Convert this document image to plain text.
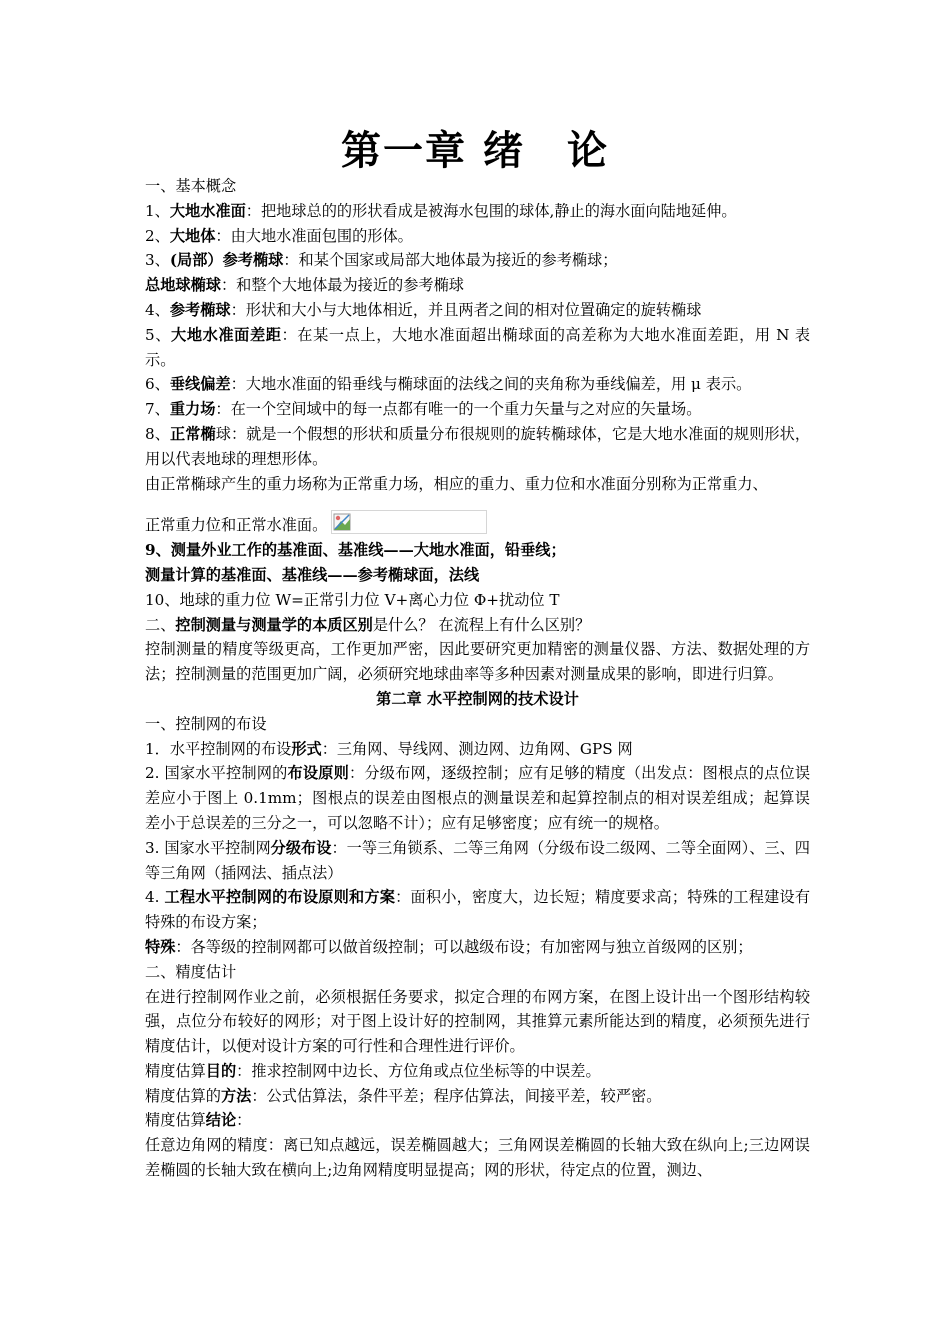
第一章 绪　论

一、基本概念

1、大地水准面：把地球总的的形状看成是被海水包围的球体,静止的海水面向陆地延伸。

2、大地体：由大地水准面包围的形体。

3、(局部）参考椭球：和某个国家或局部大地体最为接近的参考椭球；

总地球椭球：和整个大地体最为接近的参考椭球

4、参考椭球：形状和大小与大地体相近，并且两者之间的相对位置确定的旋转椭球

5、大地水准面差距：在某一点上，大地水准面超出椭球面的高差称为大地水准面差距，用 N 表示。

6、垂线偏差：大地水准面的铅垂线与椭球面的法线之间的夹角称为垂线偏差，用 μ 表示。

7、重力场：在一个空间域中的每一点都有唯一的一个重力矢量与之对应的矢量场。

8、正常椭球：就是一个假想的形状和质量分布很规则的旋转椭球体，它是大地水准面的规则形状，用以代表地球的理想形体。

由正常椭球产生的重力场称为正常重力场，相应的重力、重力位和水准面分别称为正常重力、

正常重力位和正常水准面。

9、测量外业工作的基准面、基准线——大地水准面，铅垂线；

测量计算的基准面、基准线——参考椭球面，法线

10、地球的重力位 W=正常引力位 V+离心力位 Φ+扰动位 T

二、控制测量与测量学的本质区别是什么？ 在流程上有什么区别？

控制测量的精度等级更高，工作更加严密，因此要研究更加精密的测量仪器、方法、数据处理的方法；控制测量的范围更加广阔，必须研究地球曲率等多种因素对测量成果的影响，即进行归算。

第二章 水平控制网的技术设计

一、控制网的布设

1．水平控制网的布设形式：三角网、导线网、测边网、边角网、GPS 网

2. 国家水平控制网的布设原则：分级布网，逐级控制；应有足够的精度（出发点：图根点的点位误差应小于图上 0.1mm；图根点的误差由图根点的测量误差和起算控制点的相对误差组成；起算误差小于总误差的三分之一，可以忽略不计）；应有足够密度；应有统一的规格。

3. 国家水平控制网分级布设：一等三角锁系、二等三角网（分级布设二级网、二等全面网）、三、四等三角网（插网法、插点法）

4. 工程水平控制网的布设原则和方案：面积小，密度大，边长短；精度要求高；特殊的工程建设有特殊的布设方案；

特殊：各等级的控制网都可以做首级控制；可以越级布设；有加密网与独立首级网的区别；

二、精度估计

在进行控制网作业之前，必须根据任务要求，拟定合理的布网方案，在图上设计出一个图形结构较强，点位分布较好的网形；对于图上设计好的控制网，其推算元素所能达到的精度，必须预先进行精度估计，以便对设计方案的可行性和合理性进行评价。

精度估算目的：推求控制网中边长、方位角或点位坐标等的中误差。

精度估算的方法：公式估算法，条件平差；程序估算法，间接平差，较严密。

精度估算结论：

任意边角网的精度：离已知点越远，误差椭圆越大；三角网误差椭圆的长轴大致在纵向上;三边网误差椭圆的长轴大致在横向上;边角网精度明显提高；网的形状，待定点的位置，测边、
